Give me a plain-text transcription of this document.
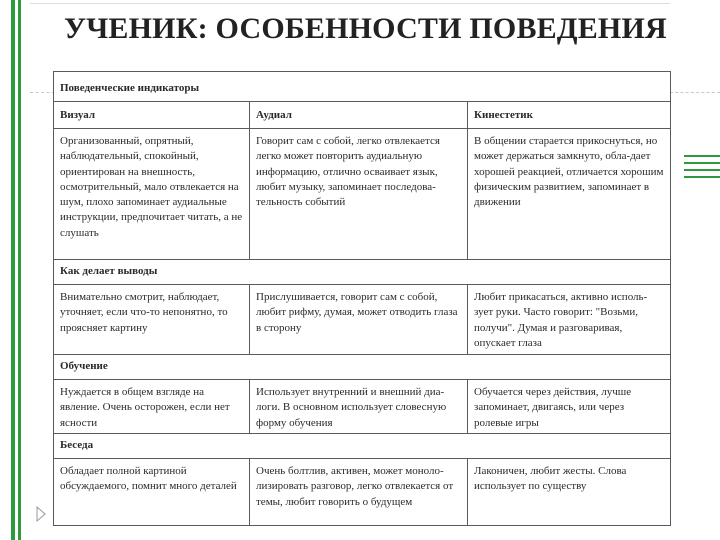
УЧЕНИК: ОСОБЕННОСТИ ПОВЕДЕНИЯ
Поведенческие индикаторы		
Визуал	Аудиал	Кинестетик
Организованный, опрятный, наблюдательный, спокойный, ориентирован на внешность, осмотрительный, мало отвлекается на шум, плохо запоминает аудиальные инструкции, предпочитает читать, а не слушать	Говорит сам с собой, легко отвлекается легко может повторить аудиальную информацию, отлично осваивает язык, любит музыку, запоминает последова-тельность событий	В общении старается прикоснуться, но может держаться замкнуто, обла-дает хорошей реакцией, отличается хорошим физическим развитием, запоминает в движении
Как делает выводы		
Внимательно смотрит, наблюдает, уточняет, если что-то непонятно, то проясняет картину	Прислушивается, говорит сам с собой, любит рифму, думая, может отводить глаза в сторону	Любит прикасаться, активно исполь-зует руки. Часто говорит: "Возьми, получи". Думая и разговаривая, опускает глаза
Обучение		
Нуждается в общем взгляде на явление. Очень осторожен, если нет ясности	Использует внутренний и внешний диа-логи. В основном использует словесную форму обучения	Обучается через действия, лучше запоминает, двигаясь, или через ролевые игры
Беседа		
Обладает полной картиной обсуждаемого, помнит много деталей	Очень болтлив, активен, может моноло-лизировать разговор, легко отвлекается от темы, любит говорить о будущем	Лаконичен, любит жесты. Слова использует по существу
